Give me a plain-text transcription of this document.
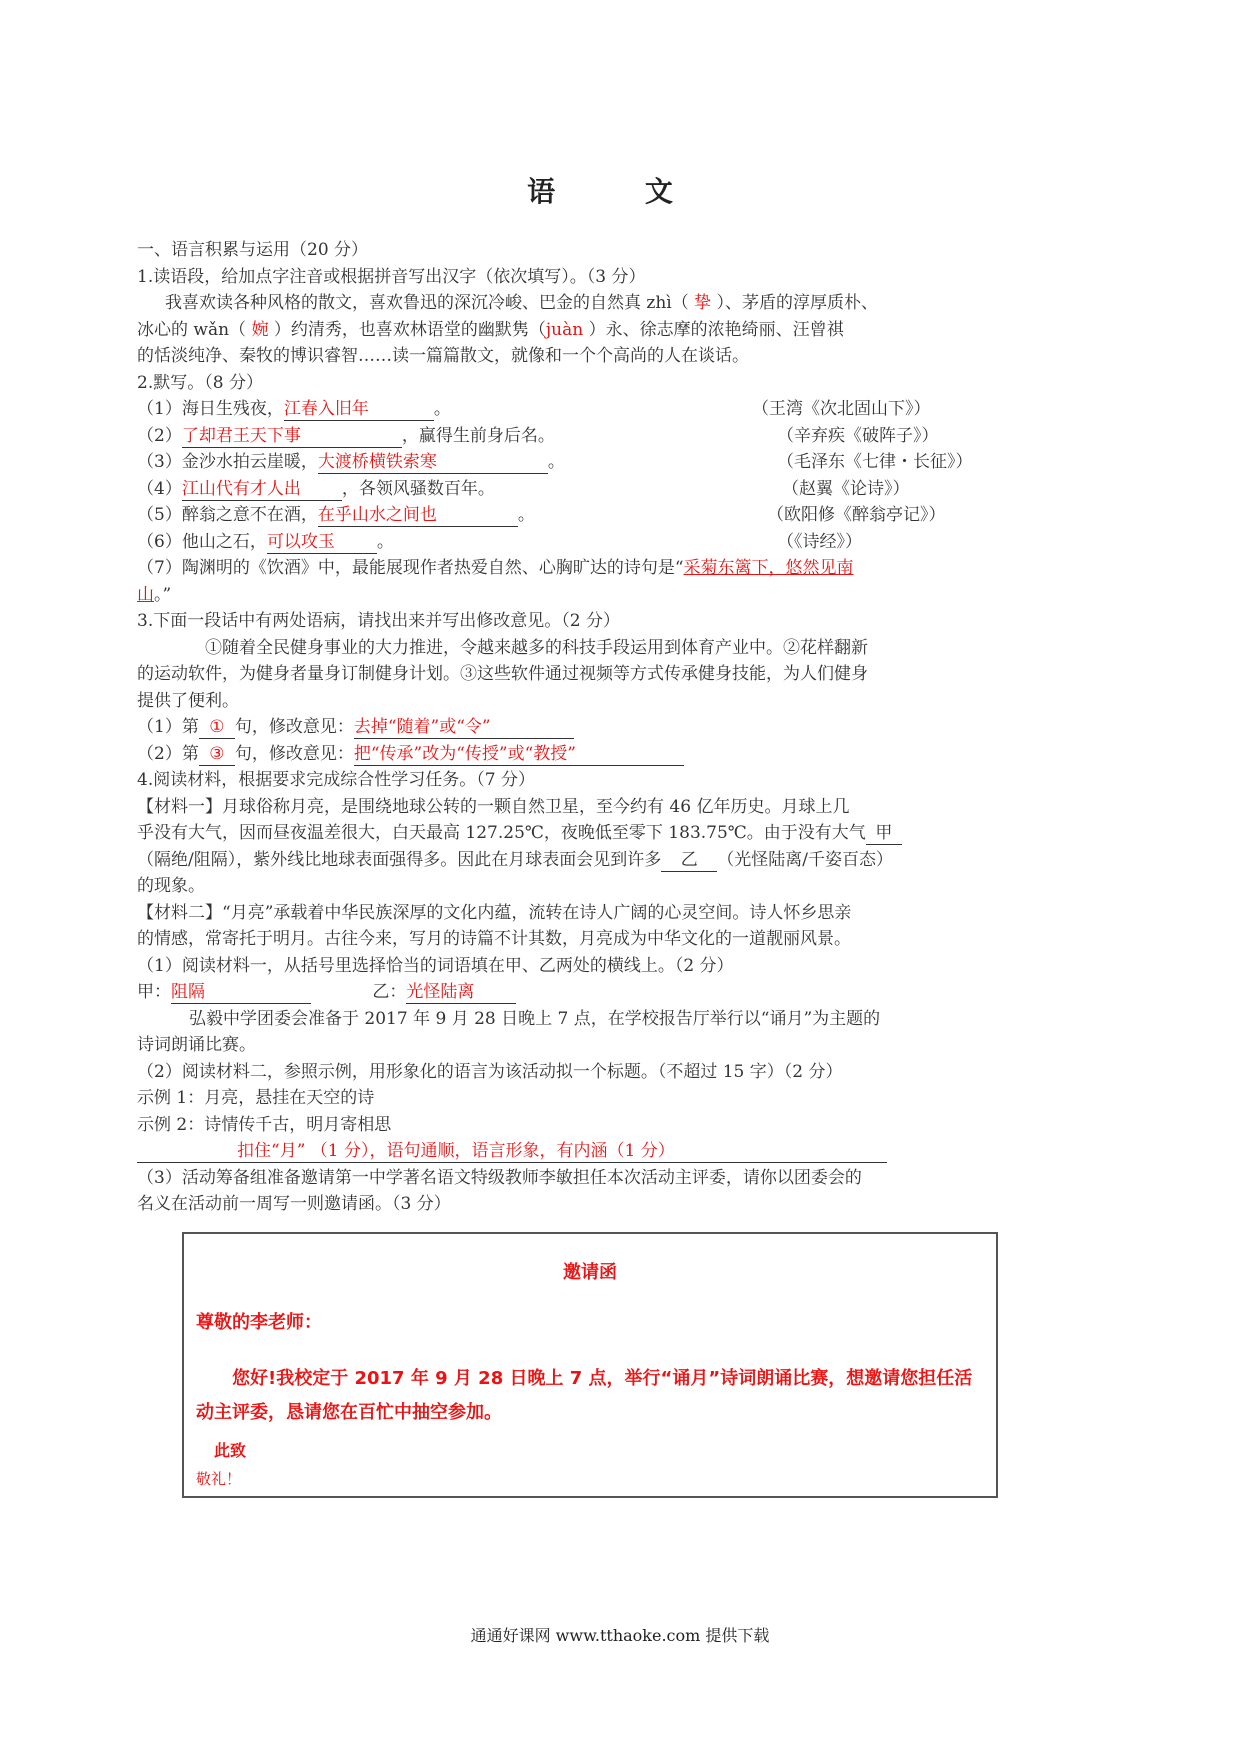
语 文
一、语言积累与运用（20 分）
1.读语段，给加点字注音或根据拼音写出汉字（依次填写）。（3 分）
我喜欢读各种风格的散文，喜欢鲁迅的深沉冷峻、巴金的自然真 zhì（ 挚 ）、茅盾的淳厚质朴、
冰心的 wǎn（ 婉 ）约清秀，也喜欢林语堂的幽默隽（juàn ）永、徐志摩的浓艳绮丽、汪曾祺
的恬淡纯净、秦牧的博识睿智……读一篇篇散文，就像和一个个高尚的人在谈话。
2.默写。（8 分）
（1）海日生残夜，江春入旧年	。	（王湾《次北固山下》）
（2）了却君王天下事	，赢得生前身后名。	（辛弃疾《破阵子》）
（3）金沙水拍云崖暖，大渡桥横铁索寒	。	（毛泽东《七律・长征》）
（4）江山代有才人出 ，各领风骚数百年。	（赵翼《论诗》）
（5）醉翁之意不在酒，在乎山水之间也	。	（欧阳修《醉翁亭记》）
（6）他山之石，可以攻玉 。	（《诗经》）
（7）陶渊明的《饮酒》中，最能展现作者热爱自然、心胸旷达的诗句是“采菊东篱下，悠然见南
山。”
3.下面一段话中有两处语病，请找出来并写出修改意见。（2 分）
①随着全民健身事业的大力推进，令越来越多的科技手段运用到体育产业中。②花样翻新
的运动软件，为健身者量身订制健身计划。③这些软件通过视频等方式传承健身技能，为人们健身
提供了便利。
（1）第 ① 句，修改意见：去掉“随着”或“令”
（2）第 ③ 句，修改意见：把“传承”改为“传授”或“教授”
4.阅读材料，根据要求完成综合性学习任务。（7 分）
【材料一】月球俗称月亮，是围绕地球公转的一颗自然卫星，至今约有 46 亿年历史。月球上几
乎没有大气，因而昼夜温差很大，白天最高 127.25℃，夜晚低至零下 183.75℃。由于没有大气 甲
（隔绝/阻隔），紫外线比地球表面强得多。因此在月球表面会见到许多 乙 （光怪陆离/千姿百态）
的现象。
【材料二】“月亮”承载着中华民族深厚的文化内蕴，流转在诗人广阔的心灵空间。诗人怀乡思亲
的情感，常寄托于明月。古往今来，写月的诗篇不计其数，月亮成为中华文化的一道靓丽风景。
（1）阅读材料一，从括号里选择恰当的词语填在甲、乙两处的横线上。（2 分）
甲：阻隔	乙：光怪陆离
弘毅中学团委会准备于 2017 年 9 月 28 日晚上 7 点，在学校报告厅举行以“诵月”为主题的
诗词朗诵比赛。
（2）阅读材料二，参照示例，用形象化的语言为该活动拟一个标题。（不超过 15 字）（2 分）
示例 1：月亮，悬挂在天空的诗
示例 2：诗情传千古，明月寄相思
扣住“月” （1 分），语句通顺，语言形象，有内涵（1 分）
（3）活动筹备组准备邀请第一中学著名语文特级教师李敏担任本次活动主评委，请你以团委会的
名义在活动前一周写一则邀请函。（3 分）
邀请函
尊敬的李老师：
您好!我校定于 2017 年 9 月 28 日晚上 7 点，举行“诵月”诗词朗诵比赛，想邀请您担任活动主评委，恳请您在百忙中抽空参加。
此致
敬礼！
通通好课网 www.tthaoke.com 提供下载
